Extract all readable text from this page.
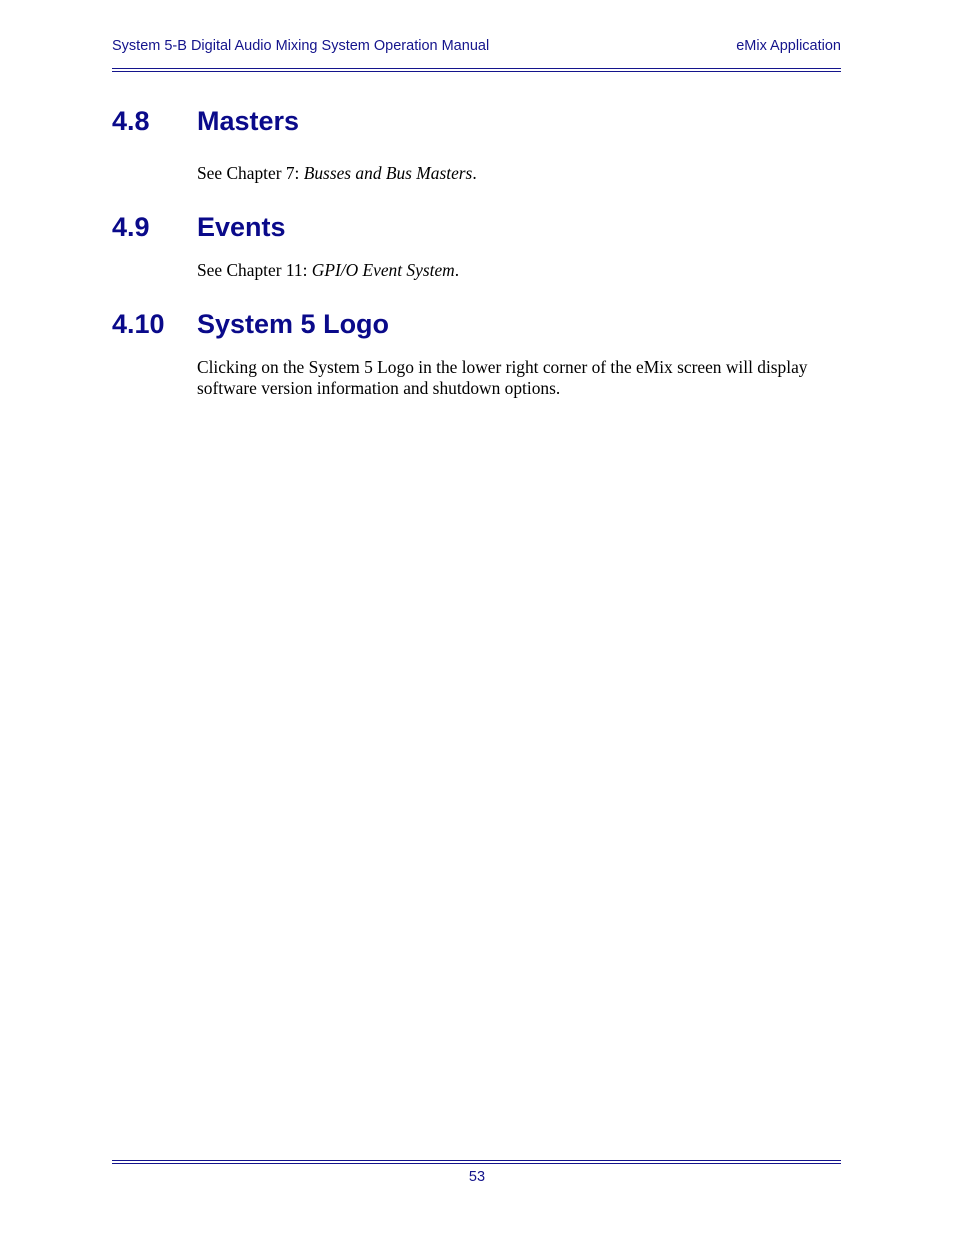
System 5-B Digital Audio Mixing System Operation Manual	eMix Application
4.8 Masters
See Chapter 7: Busses and Bus Masters.
4.9 Events
See Chapter 11: GPI/O Event System.
4.10 System 5 Logo
Clicking on the System 5 Logo in the lower right corner of the eMix screen will display software version information and shutdown options.
53
